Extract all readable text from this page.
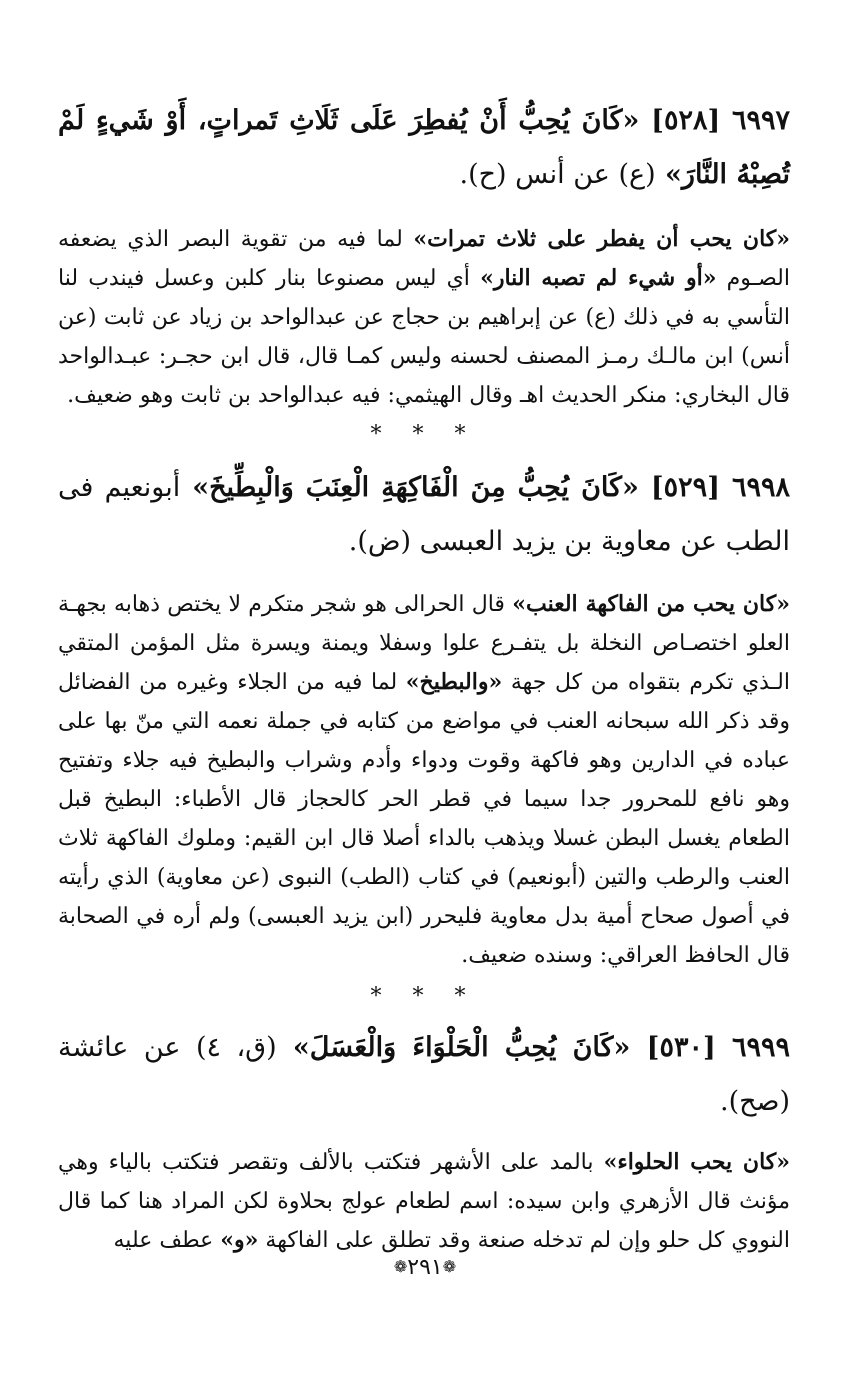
٦٩٩٧ [٥٢٨] «كَانَ يُحِبُّ أَنْ يُفطِرَ عَلَى ثَلَاثِ تَمراتٍ، أَوْ شَيءٍ لَمْ تُصِبْهُ النَّارَ» (ع) عن أنس (ح).

«كان يحب أن يفطر على ثلاث تمرات» لما فيه من تقوية البصر الذي يضعفه الصـوم «أو شيء لم تصبه النار» أي ليس مصنوعا بنار كلبن وعسل فيندب لنا التأسي به في ذلك (ع) عن إبراهيم بن حجاج عن عبدالواحد بن زياد عن ثابت (عن أنس) ابن مالـك رمـز المصنف لحسنه وليس كمـا قال، قال ابن حجـر: عبـدالواحد قال البخاري: منكر الحديث اهـ وقال الهيثمي: فيه عبدالواحد بن ثابت وهو ضعيف.

* * *

٦٩٩٨ [٥٢٩] «كَانَ يُحِبُّ مِنَ الْفَاكِهَةِ الْعِنَبَ وَالْبِطِّيخَ» أبونعيم فى الطب عن معاوية بن يزيد العبسى (ض).

«كان يحب من الفاكهة العنب» قال الحرالى هو شجر متكرم لا يختص ذهابه بجهـة العلو اختصـاص النخلة بل يتفـرع علوا وسفلا ويمنة ويسرة مثل المؤمن المتقي الـذي تكرم بتقواه من كل جهة «والبطيخ» لما فيه من الجلاء وغيره من الفضائل وقد ذكر الله سبحانه العنب في مواضع من كتابه في جملة نعمه التي منّ بها على عباده في الدارين وهو فاكهة وقوت ودواء وأدم وشراب والبطيخ فيه جلاء وتفتيح وهو نافع للمحرور جدا سيما في قطر الحر كالحجاز قال الأطباء: البطيخ قبل الطعام يغسل البطن غسلا ويذهب بالداء أصلا قال ابن القيم: وملوك الفاكهة ثلاث العنب والرطب والتين (أبونعيم) في كتاب (الطب) النبوى (عن معاوية) الذي رأيته في أصول صحاح أمية بدل معاوية فليحرر (ابن يزيد العبسى) ولم أره في الصحابة قال الحافظ العراقي: وسنده ضعيف.

* * *

٦٩٩٩ [٥٣٠] «كَانَ يُحِبُّ الْحَلْوَاءَ وَالْعَسَلَ» (ق، ٤) عن عائشة (صح).

«كان يحب الحلواء» بالمد على الأشهر فتكتب بالألف وتقصر فتكتب بالياء وهي مؤنث قال الأزهري وابن سيده: اسم لطعام عولج بحلاوة لكن المراد هنا كما قال النووي كل حلو وإن لم تدخله صنعة وقد تطلق على الفاكهة «و» عطف عليه

❁٢٩١❁
